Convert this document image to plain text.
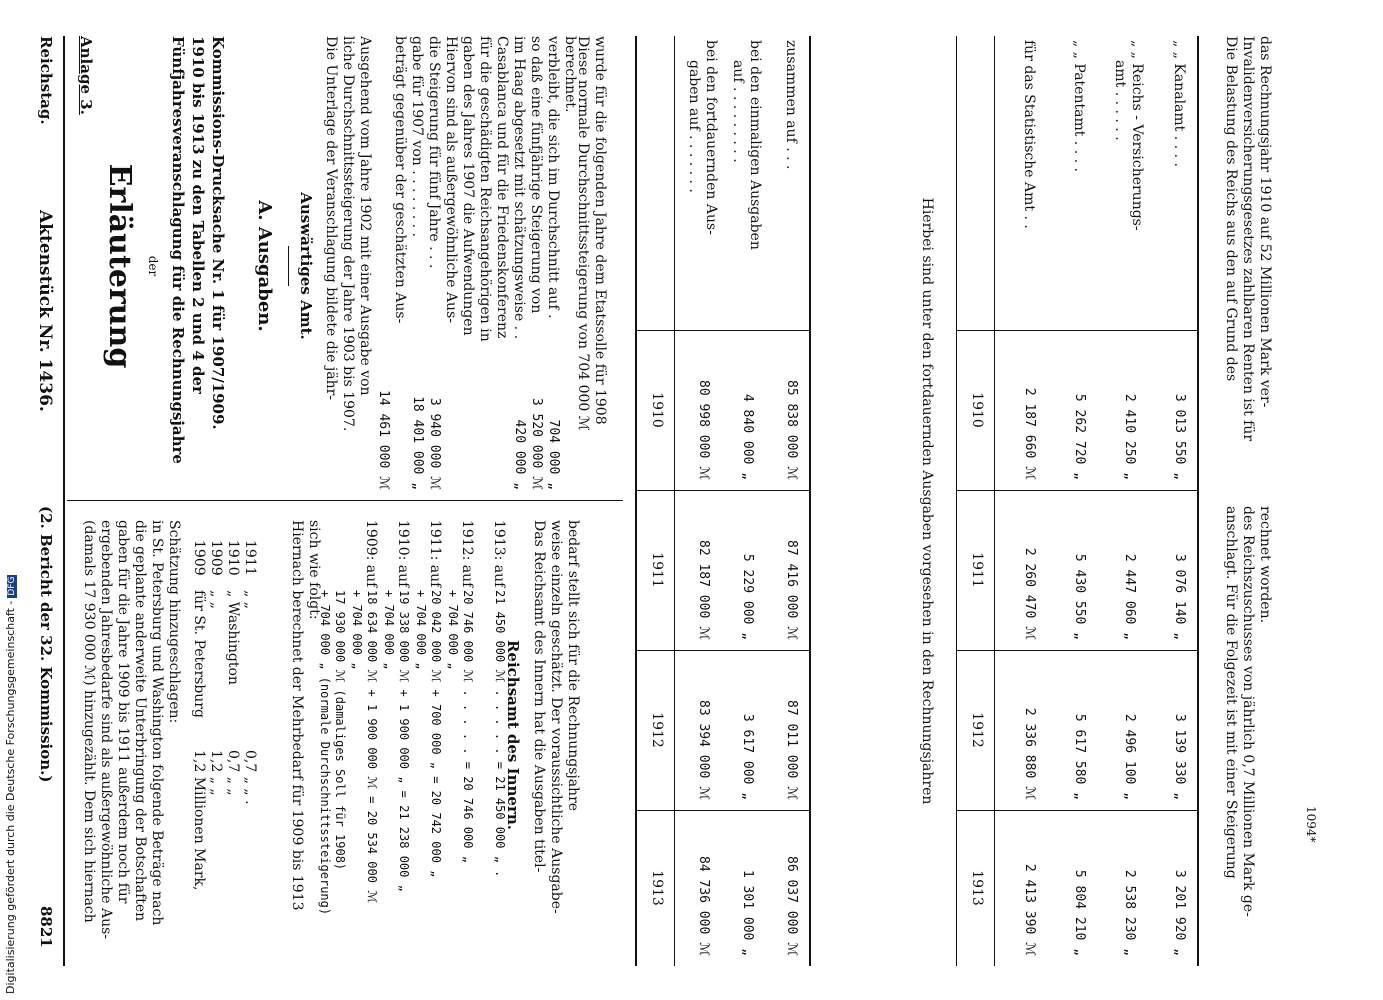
Digitalisierung gefördert durch die Deutsche Forschungsgemeinschaft -DFG
Reichstag.
Aktenstück Nr. 1436.
(2. Bericht der 32. Kommission.)
8821
Anlage 3.
Erläuterung der Fünfjahresveranschlagung für die Rechnungsjahre 1910 bis 1913 zu den Tabellen 2 und 4 der Kommissions-Drucksache Nr. 1 für 1907/1909. A. Ausgaben. Auswärtiges Amt. Die Unterlage der Veranschlagung bildete die jähr- liche Durchschnittssteigerung der Jahre 1903 bis 1907. Ausgehend vom Jahre 1902 mit einer Ausgabe von
14 461 000 ℳ
beträgt gegenüber der geschätzten Aus- gabe für 1907 von . . . . . . . .
18 401 000 „
die Steigerung für fünf Jahre . . .
3 940 000 ℳ
Hiervon sind als außergewöhnliche Aus- gaben des Jahres 1907 die Aufwendungen für die geschädigten Reichsangehörigen in Casablanca und für die Friedenskonferenz im Haag abgesetzt mit schätzungsweise . .
420 000 „
so daß eine fünfjährige Steigerung von
3 520 000 ℳ
verbleibt, die sich im Durchschnitt auf .
704 000 „
berechnet.
Diese normale Durchschnittssteigerung von 704 000 ℳ wurde für die folgenden Jahre dem Etatssolle für 1908	1910
1911
1912
1913
bei den fortdauernden Aus-
gaben auf . . . . . . .
80 998 000 ℳ
82 187 000 ℳ
83 394 000 ℳ
84 736 000 ℳ
bei den einmaligen Ausgaben
auf . . . . . . . . .
4 840 000 „
5 229 000 „
3 617 000 „
1 301 000 „
zusammen auf . . .
85 838 000 ℳ
87 416 000 ℳ
87 011 000 ℳ
86 037 000 ℳ
Hierbei sind unter den fortdauernden Ausgaben vorgesehen in den Rechnungsjahren 1910
1911
1912
1913
für das Statistische Amt . .
2 187 660 ℳ
2 260 470 ℳ
2 336 880 ℳ
2 413 390 ℳ
„ „ Patentamt . . . .
5 262 720 „
5 430 550 „
5 617 580 „
5 804 210 „
„ „ Reichs - Versicherungs-
amt . . . . . .
2 410 250 „
2 447 060 „
2 496 100 „
2 538 230 „
„ „ Kanalamt . . . .
3 013 550 „
3 076 140 „
3 139 330 „
3 201 920 „
Die Belastung des Reichs aus den auf Grund des Invalidenversicherungsgesetzes zahlbaren Renten ist für das Rechnungsjahr 1910 auf 52 Millionen Mark ver-
anschlagt. Für die Folgezeit ist mit einer Steigerung des Reichszuschusses von jährlich 0,7 Millionen Mark ge- rechnet worden.
1094*
(damals 17 930 000 ℳ) hinzugezählt. Dem sich hiernach ergebenden Jahresbedarfe sind als außergewöhnliche Aus- gaben für die Jahre 1909 bis 1911 außerdem noch für die geplante anderweite Unterbringung der Botschaften in St. Petersburg und Washington folgende Beträge nach Schätzung hinzugeschlagen: 1909
für St. Petersburg
1,2 Millionen Mark,
1909
„ „
1,2 „ „
1910
„ Washington
0,7 „ „
1911
„ „
0,7 „ „ . Hiernach berechnet der Mehrbedarf für 1909 bis 1913 sich wie folgt:
17 930 000 ℳ (damaliges Soll für 1908)
+ 704 000 „ (normale Durchschnittssteigerung)
1909: auf
18 634 000 ℳ + 1 900 000 ℳ = 20 534 000 ℳ
+ 704 000 „
1910: auf
19 338 000 ℳ + 1 900 000 „ = 21 238 000 „
+ 704 000 „
1911: auf
20 042 000 ℳ + 700 000 „ = 20 742 000 „
+ 704 000 „
1912: auf
20 746 000 ℳ . . . . . = 20 746 000 „
+ 704 000 „
1913: auf
21 450 000 ℳ . . . . . = 21 450 000 „ .
Reichsamt des Innern. Das Reichsamt des Innern hat die Ausgaben titel- weise einzeln geschätzt. Der voraussichtliche Ausgabe- bedarf stellt sich für die Rechnungsjahre
